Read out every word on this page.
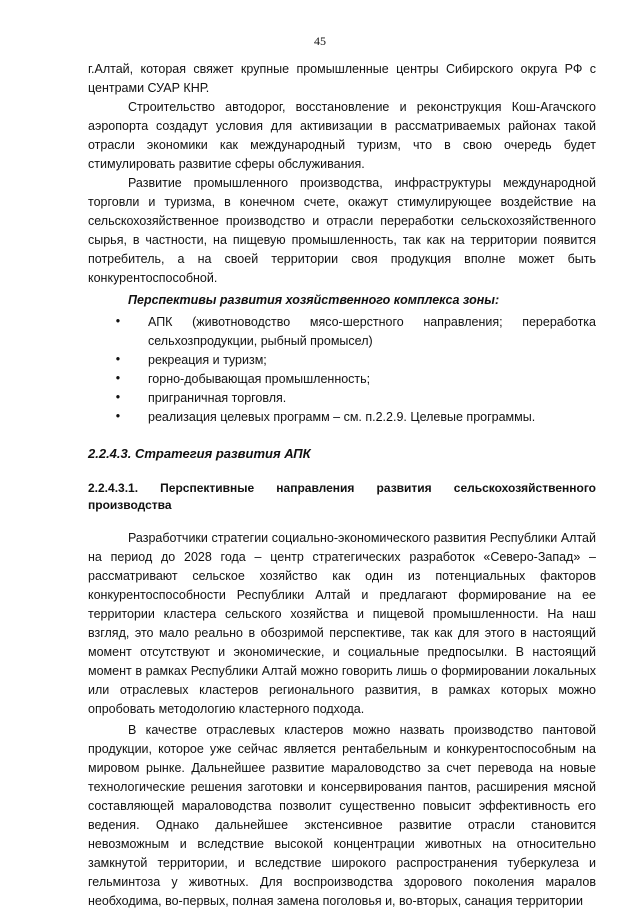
45

г.Алтай, которая свяжет крупные промышленные центры Сибирского округа РФ с центрами СУАР КНР.

Строительство автодорог, восстановление и реконструкция Кош-Агачского аэропорта создадут условия для активизации в рассматриваемых районах такой отрасли экономики как международный туризм, что в свою очередь будет стимулировать развитие сферы обслуживания.

Развитие промышленного производства, инфраструктуры международной торговли и туризма, в конечном счете, окажут стимулирующее воздействие на сельскохозяйственное производство и отрасли переработки сельскохозяйственного сырья, в частности, на пищевую промышленность, так как на территории появится потребитель, а на своей территории своя продукция вполне может быть конкурентоспособной.

Перспективы развития хозяйственного комплекса зоны:

•	АПК (животноводство мясо-шерстного направления; переработка сельхозпродукции, рыбный промысел)
•	рекреация и туризм;
•	горно-добывающая промышленность;
•	приграничная торговля.
•	реализация целевых программ – см. п.2.2.9. Целевые программы.

2.2.4.3. Стратегия развития АПК

2.2.4.3.1. Перспективные направления развития сельскохозяйственного производства

Разработчики стратегии социально-экономического развития Республики Алтай на период до 2028 года – центр стратегических разработок «Северо-Запад» – рассматривают сельское хозяйство как один из потенциальных факторов конкурентоспособности Республики Алтай и предлагают формирование на ее территории кластера сельского хозяйства и пищевой промышленности. На наш взгляд, это мало реально в обозримой перспективе, так как для этого в настоящий момент отсутствуют и экономические, и социальные предпосылки. В настоящий момент в рамках Республики Алтай можно говорить лишь о формировании локальных или отраслевых кластеров регионального развития, в рамках которых можно опробовать методологию кластерного подхода.

В качестве отраслевых кластеров можно назвать производство пантовой продукции, которое уже сейчас является рентабельным и конкурентоспособным на мировом рынке. Дальнейшее развитие мараловодство за счет перевода на новые технологические решения заготовки и консервирования пантов, расширения мясной составляющей мараловодства позволит существенно повысит эффективность его ведения. Однако дальнейшее экстенсивное развитие отрасли становится невозможным и вследствие высокой концентрации животных на относительно замкнутой территории, и вследствие широкого распространения туберкулеза и гельминтоза у животных. Для воспроизводства здорового поколения маралов необходима, во-первых, полная замена поголовья и, во-вторых, санация территории
